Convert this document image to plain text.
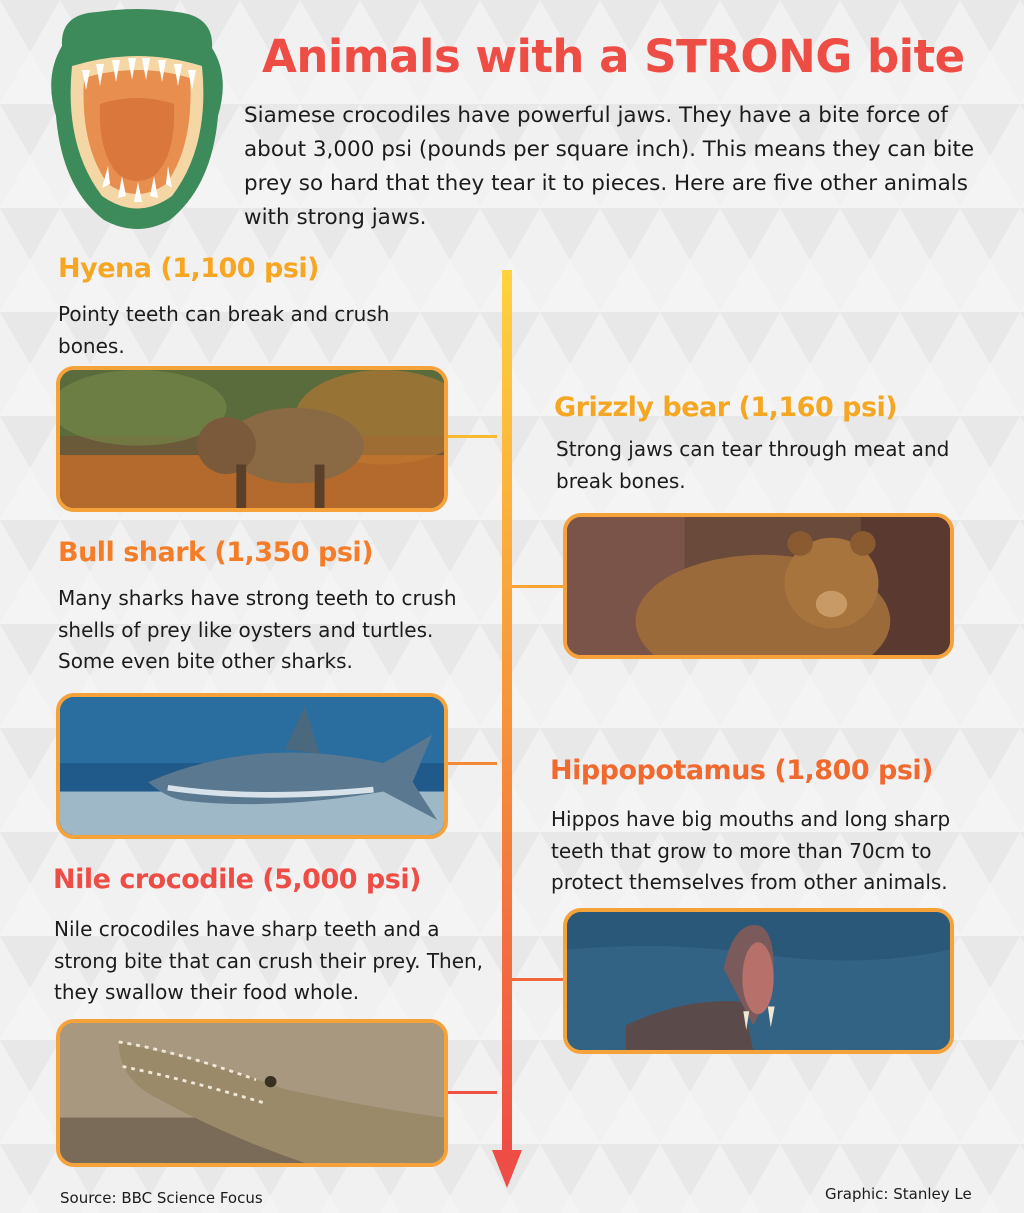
Animals with a STRONG bite
Siamese crocodiles have powerful jaws. They have a bite force of about 3,000 psi (pounds per square inch). This means they can bite prey so hard that they tear it to pieces. Here are five other animals with strong jaws.
Hyena (1,100 psi)
Pointy teeth can break and crush bones.
Grizzly bear (1,160 psi)
Strong jaws can tear through meat and break bones.
Bull shark (1,350 psi)
Many sharks have strong teeth to crush shells of prey like oysters and turtles. Some even bite other sharks.
Hippopotamus (1,800 psi)
Hippos have big mouths and long sharp teeth that grow to more than 70cm to protect themselves from other animals.
Nile crocodile (5,000 psi)
Nile crocodiles have sharp teeth and a strong bite that can crush their prey. Then, they swallow their food whole.
Source: BBC Science Focus	Graphic: Stanley Le
